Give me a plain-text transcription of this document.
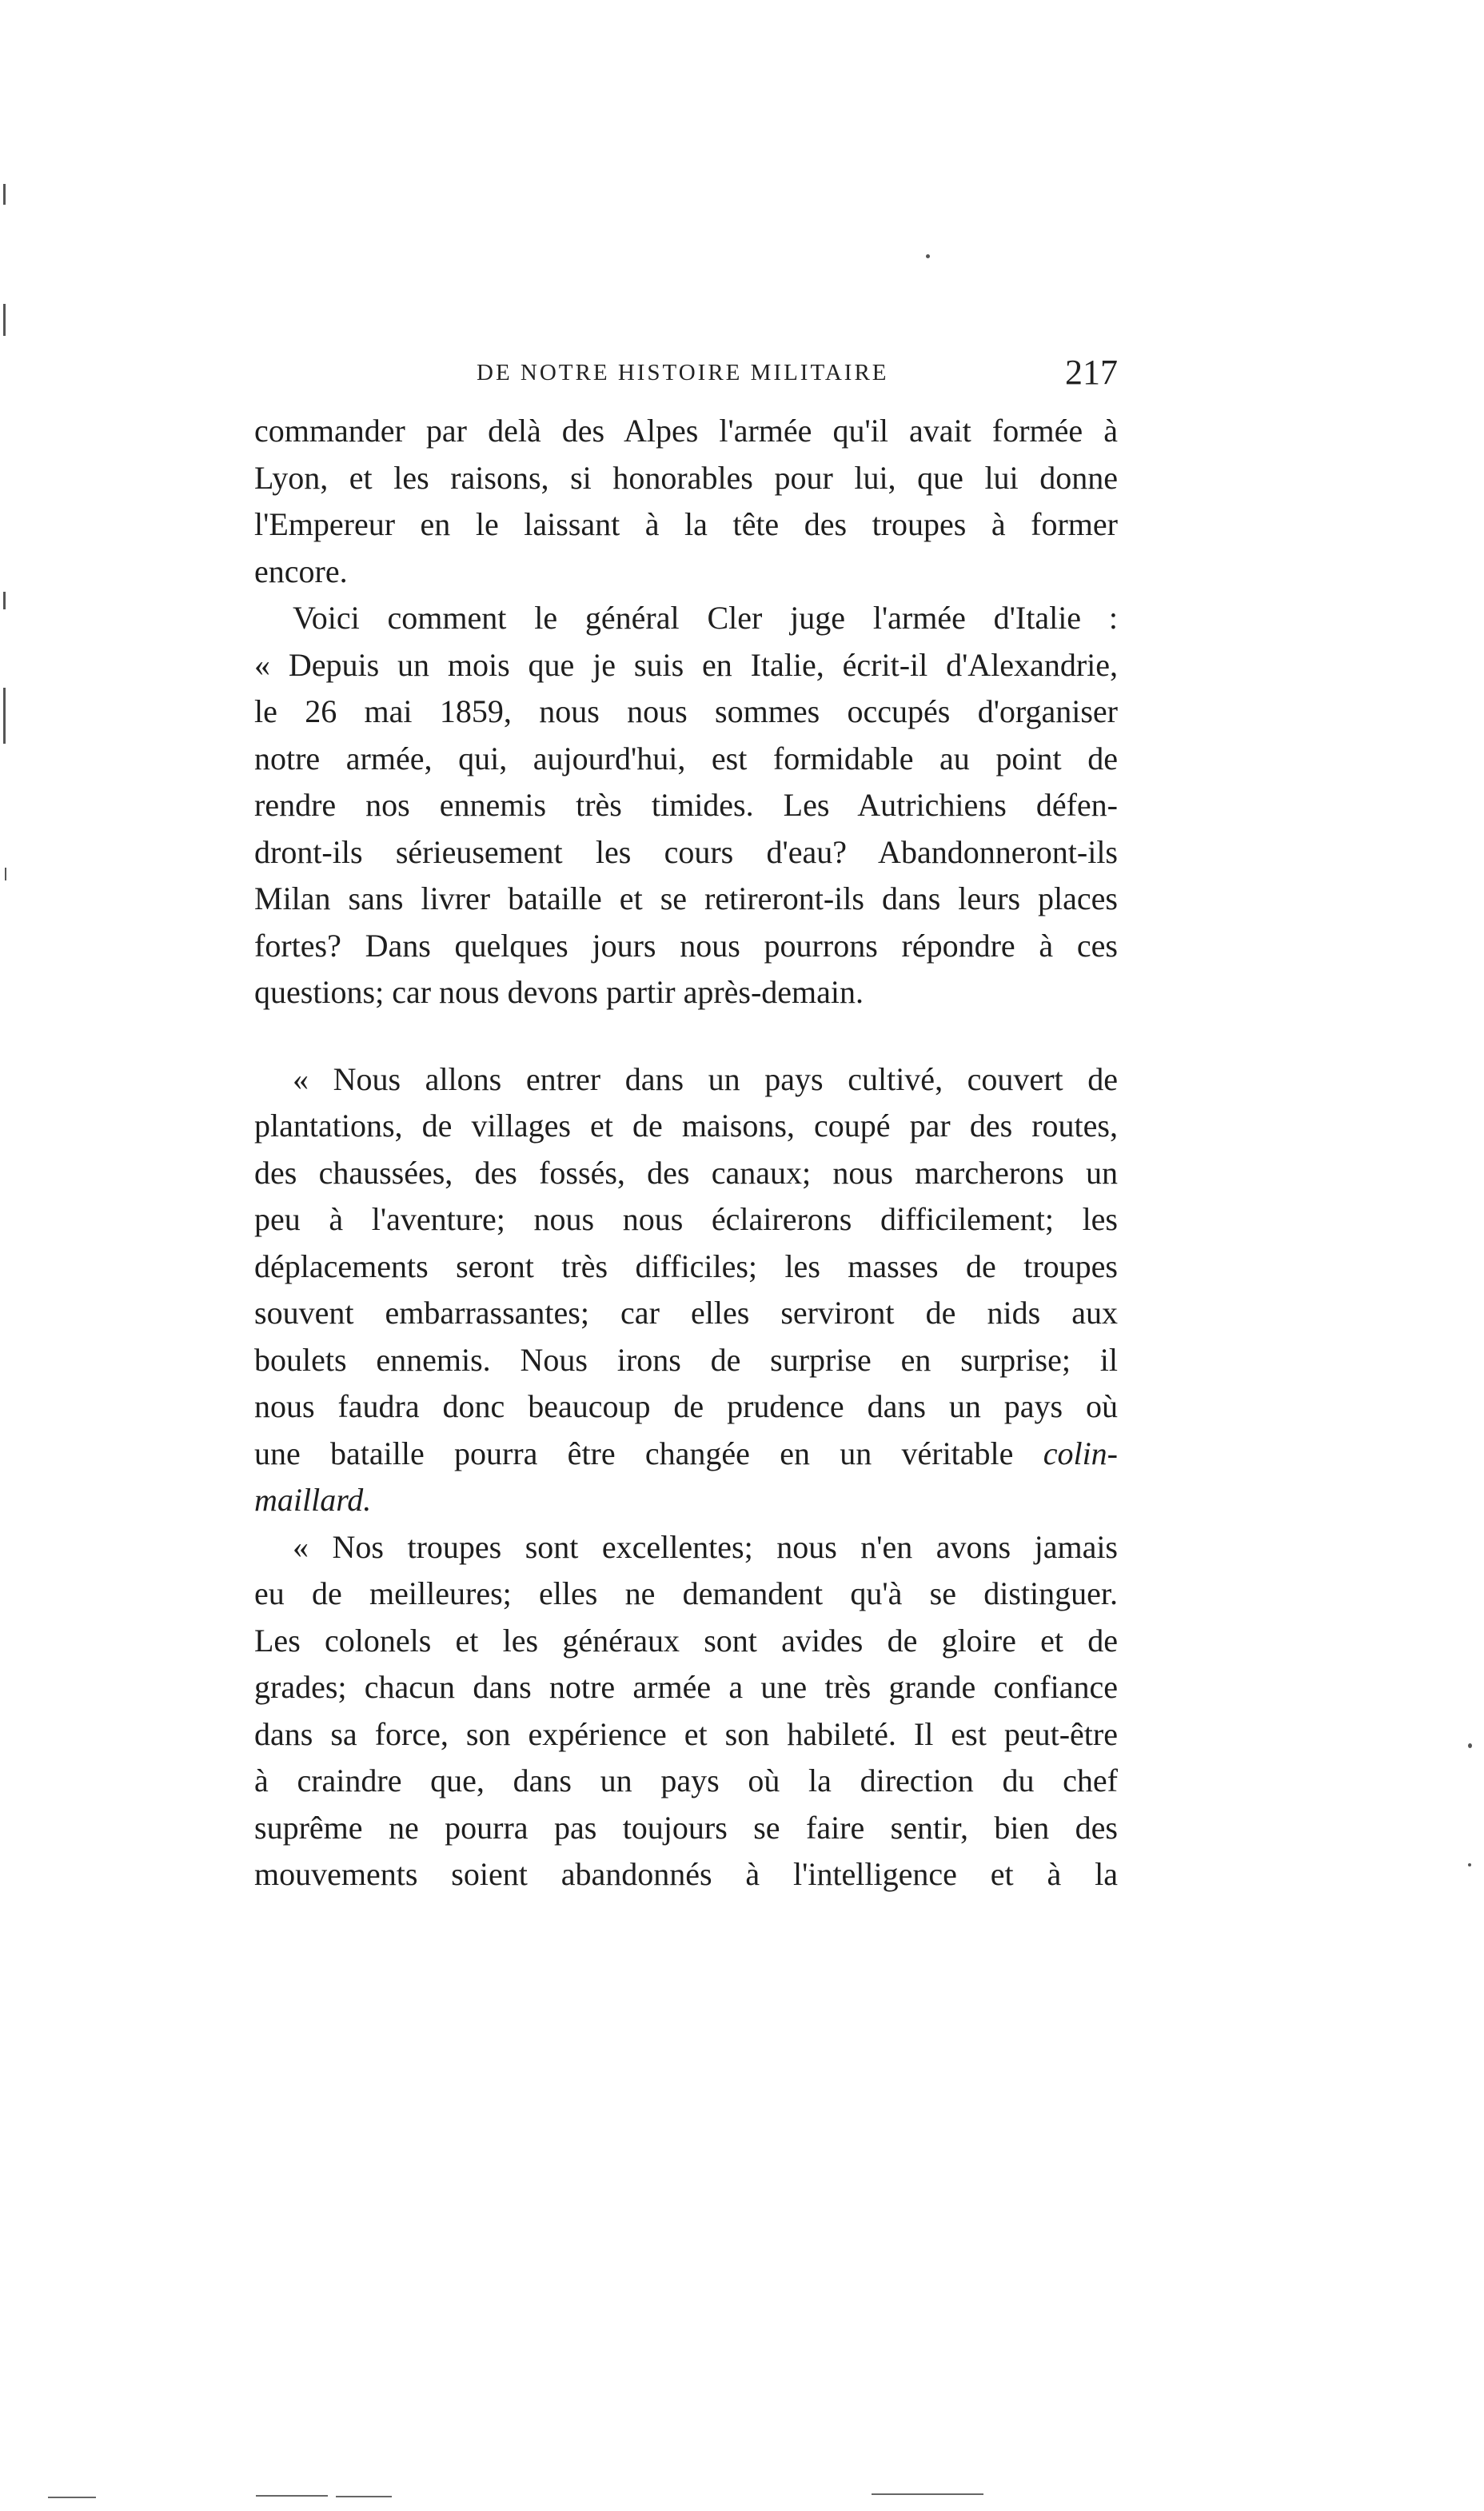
DE NOTRE HISTOIRE MILITAIRE	217
commander par delà des Alpes l'armée qu'il avait formée à
Lyon, et les raisons, si honorables pour lui, que lui donne
l'Empereur en le laissant à la tête des troupes à former
encore.
Voici comment le général Cler juge l'armée d'Italie :
« Depuis un mois que je suis en Italie, écrit-il d'Alexandrie,
le 26 mai 1859, nous nous sommes occupés d'organiser
notre armée, qui, aujourd'hui, est formidable au point de
rendre nos ennemis très timides. Les Autrichiens défen-
dront-ils sérieusement les cours d'eau? Abandonneront-ils
Milan sans livrer bataille et se retireront-ils dans leurs places
fortes? Dans quelques jours nous pourrons répondre à ces
questions; car nous devons partir après-demain.
« Nous allons entrer dans un pays cultivé, couvert de
plantations, de villages et de maisons, coupé par des routes,
des chaussées, des fossés, des canaux; nous marcherons un
peu à l'aventure; nous nous éclairerons difficilement; les
déplacements seront très difficiles; les masses de troupes
souvent embarrassantes; car elles serviront de nids aux
boulets ennemis. Nous irons de surprise en surprise; il
nous faudra donc beaucoup de prudence dans un pays où
une bataille pourra être changée en un véritable colin-
maillard.
« Nos troupes sont excellentes; nous n'en avons jamais
eu de meilleures; elles ne demandent qu'à se distinguer.
Les colonels et les généraux sont avides de gloire et de
grades; chacun dans notre armée a une très grande confiance
dans sa force, son expérience et son habileté. Il est peut-être
à craindre que, dans un pays où la direction du chef
suprême ne pourra pas toujours se faire sentir, bien des
mouvements soient abandonnés à l'intelligence et à la
